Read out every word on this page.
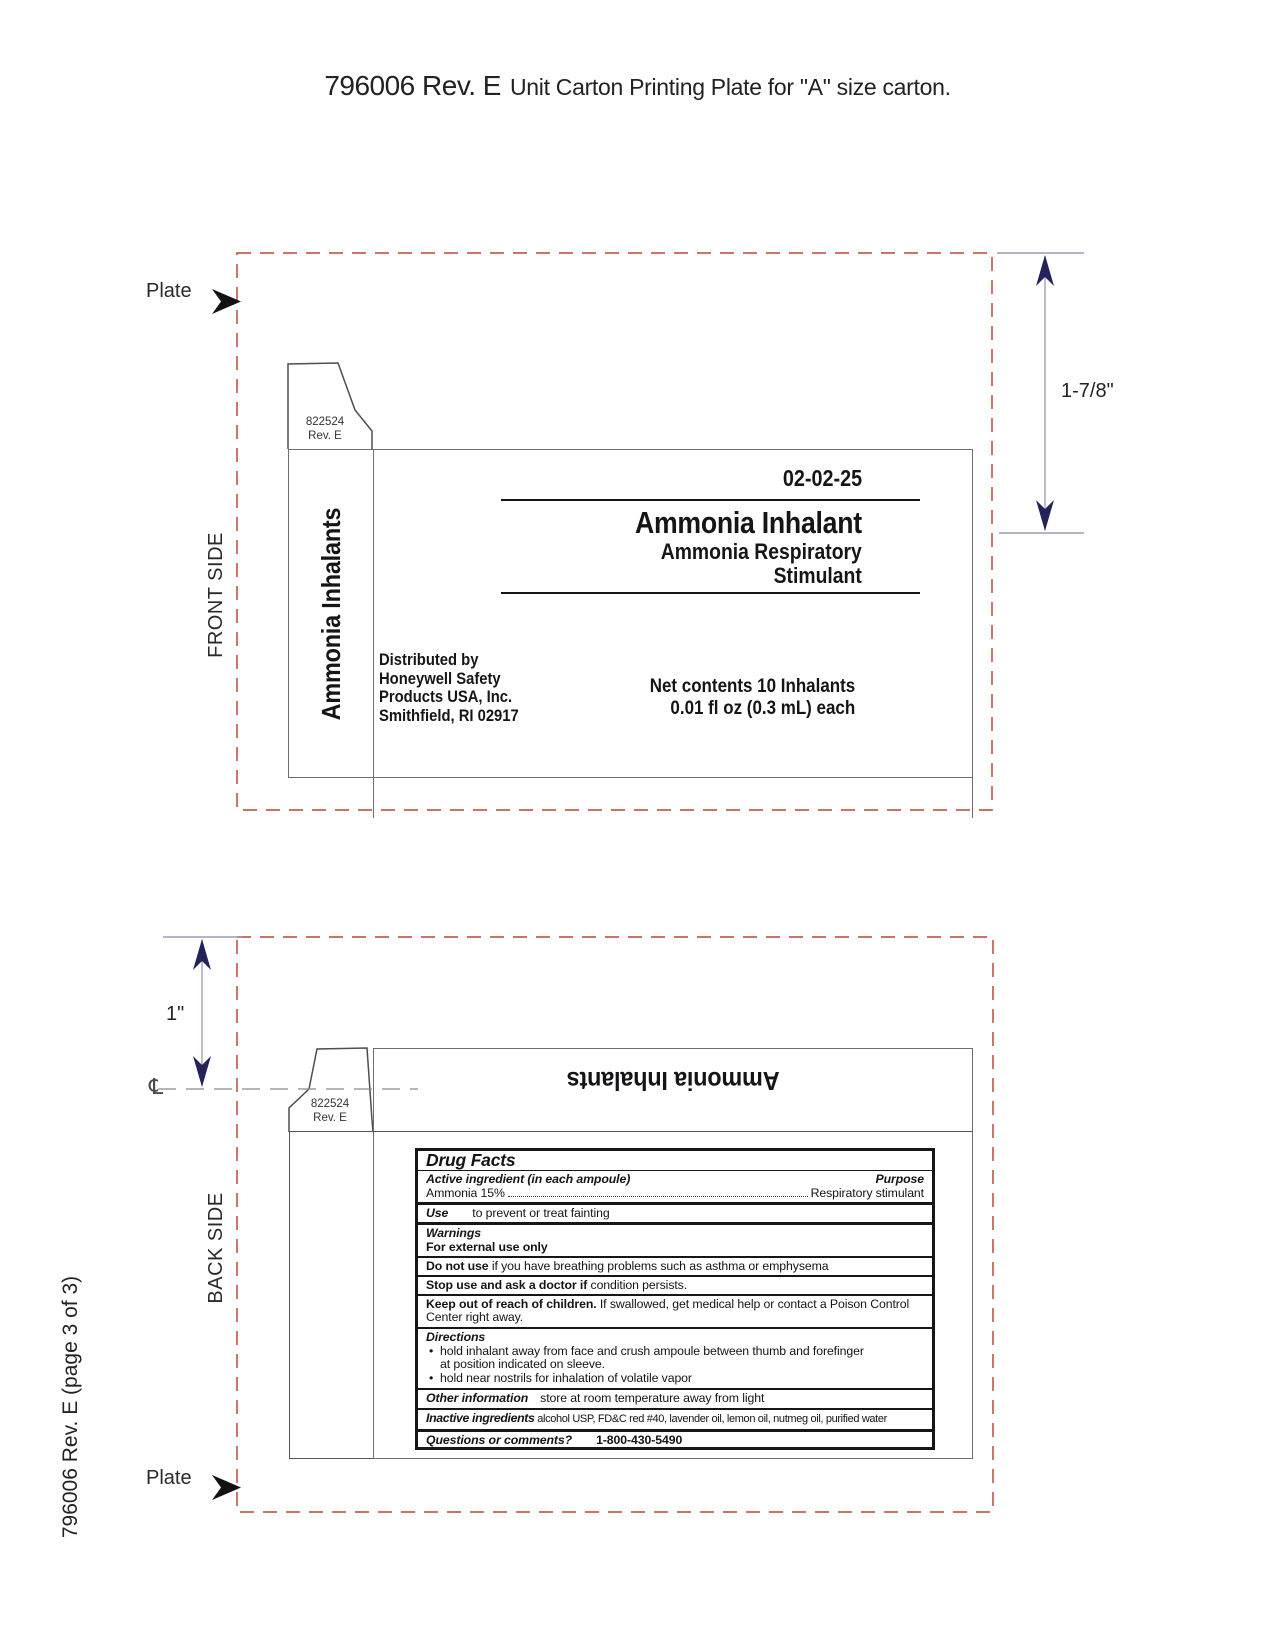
796006 Rev. E Unit Carton Printing Plate for "A" size carton.
Plate
FRONT SIDE
1-7/8"
822524
Rev. E
Ammonia Inhalants
02-02-25
Ammonia Inhalant
Ammonia Respiratory
Stimulant
Distributed by
Honeywell Safety
Products USA, Inc.
Smithfield, RI 02917
Net contents 10 Inhalants
0.01 fl oz (0.3 mL) each
1"
℄
BACK SIDE
Plate
822524
Rev. E
Ammonia Inhalants
Drug Facts
Active ingredient (in each ampoule)	Purpose
Ammonia 15%	Respiratory stimulant
Use to prevent or treat fainting
Warnings
For external use only
Do not use if you have breathing problems such as asthma or emphysema
Stop use and ask a doctor if condition persists.
Keep out of reach of children. If swallowed, get medical help or contact a Poison Control Center right away.
Directions
• hold inhalant away from face and crush ampoule between thumb and forefinger
at position indicated on sleeve.
• hold near nostrils for inhalation of volatile vapor
Other information store at room temperature away from light
Inactive ingredients alcohol USP, FD&C red #40, lavender oil, lemon oil, nutmeg oil, purified water
Questions or comments? 1-800-430-5490
796006 Rev. E (page 3 of 3)
